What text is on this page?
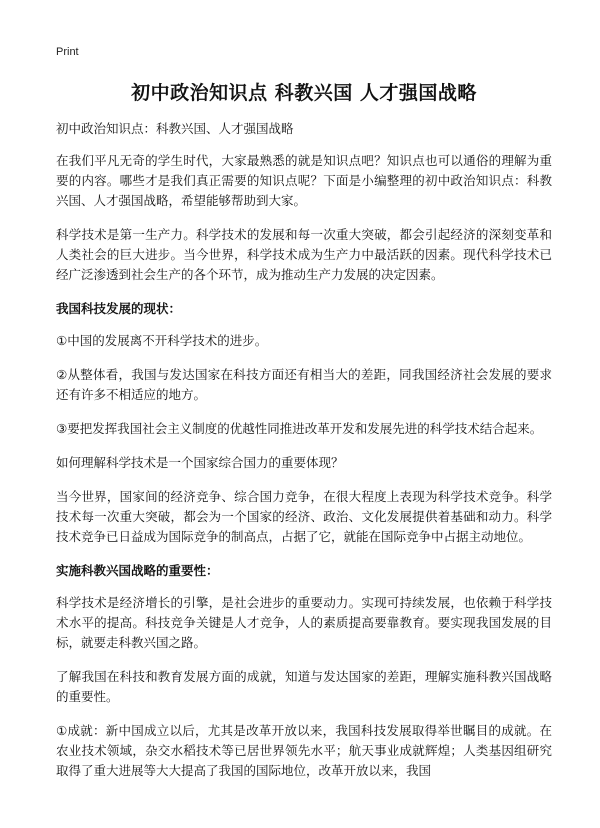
Print
初中政治知识点 科教兴国 人才强国战略

初中政治知识点：科教兴国、人才强国战略

在我们平凡无奇的学生时代，大家最熟悉的就是知识点吧？知识点也可以通俗的理解为重要的内容。哪些才是我们真正需要的知识点呢？下面是小编整理的初中政治知识点：科教兴国、人才强国战略，希望能够帮助到大家。

科学技术是第一生产力。科学技术的发展和每一次重大突破，都会引起经济的深刻变革和人类社会的巨大进步。当今世界，科学技术成为生产力中最活跃的因素。现代科学技术已经广泛渗透到社会生产的各个环节，成为推动生产力发展的决定因素。

我国科技发展的现状：

①中国的发展离不开科学技术的进步。

②从整体看，我国与发达国家在科技方面还有相当大的差距，同我国经济社会发展的要求还有许多不相适应的地方。

③要把发挥我国社会主义制度的优越性同推进改革开发和发展先进的科学技术结合起来。

如何理解科学技术是一个国家综合国力的重要体现？

当今世界，国家间的经济竞争、综合国力竞争，在很大程度上表现为科学技术竞争。科学技术每一次重大突破，都会为一个国家的经济、政治、文化发展提供着基础和动力。科学技术竞争已日益成为国际竞争的制高点，占据了它，就能在国际竞争中占据主动地位。

实施科教兴国战略的重要性：

科学技术是经济增长的引擎，是社会进步的重要动力。实现可持续发展，也依赖于科学技术水平的提高。科技竞争关键是人才竞争，人的素质提高要靠教育。要实现我国发展的目标，就要走科教兴国之路。

了解我国在科技和教育发展方面的成就，知道与发达国家的差距，理解实施科教兴国战略的重要性。

①成就：新中国成立以后，尤其是改革开放以来，我国科技发展取得举世瞩目的成就。在农业技术领域，杂交水稻技术等已居世界领先水平；航天事业成就辉煌；人类基因组研究取得了重大进展等大大提高了我国的国际地位，改革开放以来，我国
